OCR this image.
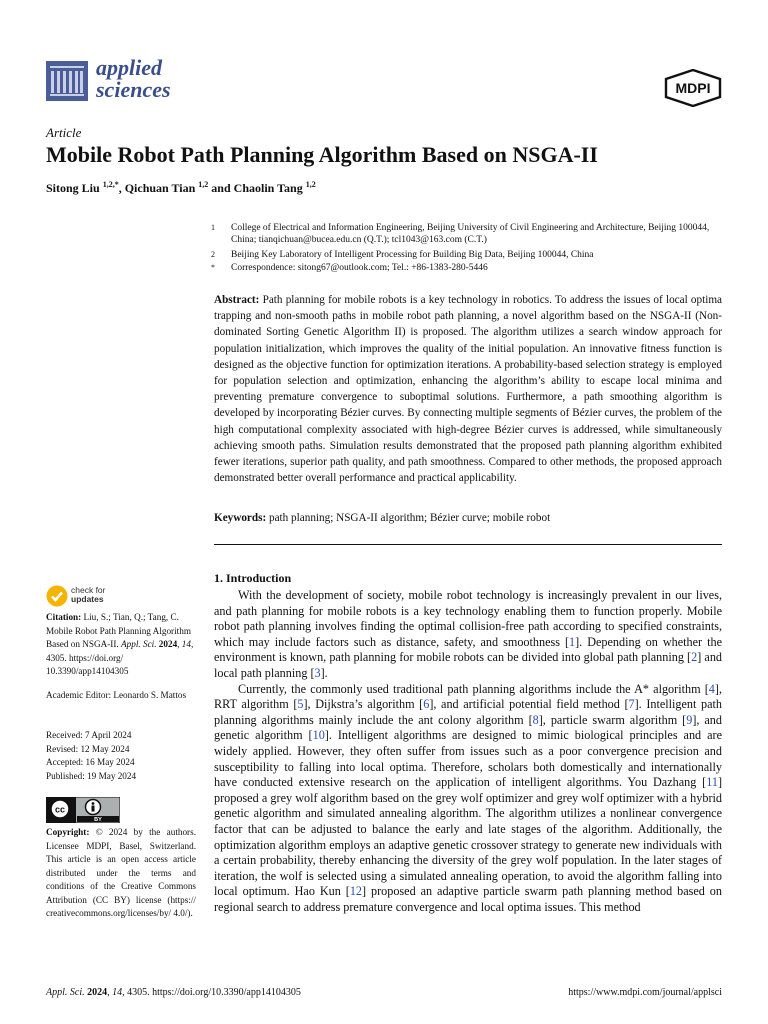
applied
sciences	MDPI
Article
Mobile Robot Path Planning Algorithm Based on NSGA-II
Sitong Liu $^{1,2,*}$, Qichuan Tian $^{1,2}$ and Chaolin Tang $^{1,2}$
1 College of Electrical and Information Engineering, Beijing University of Civil Engineering and Architecture, Beijing 100044, China; tianqichuan@bucea.edu.cn (Q.T.); tcl1043@163.com (C.T.)
2 Beijing Key Laboratory of Intelligent Processing for Building Big Data, Beijing 100044, China
* Correspondence: sitong67@outlook.com; Tel.: +86-1383-280-5446
Abstract: Path planning for mobile robots is a key technology in robotics. To address the issues of local optima trapping and non-smooth paths in mobile robot path planning, a novel algorithm based on the NSGA-II (Non-dominated Sorting Genetic Algorithm II) is proposed. The algorithm utilizes a search window approach for population initialization, which improves the quality of the initial population. An innovative fitness function is designed as the objective function for optimization iterations. A probability-based selection strategy is employed for population selection and optimization, enhancing the algorithm’s ability to escape local minima and preventing premature convergence to suboptimal solutions. Furthermore, a path smoothing algorithm is developed by incorporating Bézier curves. By connecting multiple segments of Bézier curves, the problem of the high computational complexity associated with high-degree Bézier curves is addressed, while simultaneously achieving smooth paths. Simulation results demonstrated that the proposed path planning algorithm exhibited fewer iterations, superior path quality, and path smoothness. Compared to other methods, the proposed approach demonstrated better overall performance and practical applicability.
Keywords: path planning; NSGA-II algorithm; Bézier curve; mobile robot
check for
updates
Citation: Liu, S.; Tian, Q.; Tang, C. Mobile Robot Path Planning Algorithm Based on NSGA-II. Appl. Sci. 2024, 14, 4305. https://doi.org/ 10.3390/app14104305
Academic Editor: Leonardo S. Mattos
Received: 7 April 2024
Revised: 12 May 2024
Accepted: 16 May 2024
Published: 19 May 2024
cc
BY
Copyright: © 2024 by the authors. Licensee MDPI, Basel, Switzerland. This article is an open access article distributed under the terms and conditions of the Creative Commons Attribution (CC BY) license (https:// creativecommons.org/licenses/by/ 4.0/).
1. Introduction

With the development of society, mobile robot technology is increasingly prevalent in our lives, and path planning for mobile robots is a key technology enabling them to function properly. Mobile robot path planning involves finding the optimal collision-free path according to specified constraints, which may include factors such as distance, safety, and smoothness [1]. Depending on whether the environment is known, path planning for mobile robots can be divided into global path planning [2] and local path planning [3].

Currently, the commonly used traditional path planning algorithms include the A* algorithm [4], RRT algorithm [5], Dijkstra’s algorithm [6], and artificial potential field method [7]. Intelligent path planning algorithms mainly include the ant colony algorithm [8], particle swarm algorithm [9], and genetic algorithm [10]. Intelligent algorithms are designed to mimic biological principles and are widely applied. However, they often suffer from issues such as a poor convergence precision and susceptibility to falling into local optima. Therefore, scholars both domestically and internationally have conducted extensive research on the application of intelligent algorithms. You Dazhang [11] proposed a grey wolf algorithm based on the grey wolf optimizer and grey wolf optimizer with a hybrid genetic algorithm and simulated annealing algorithm. The algorithm utilizes a nonlinear convergence factor that can be adjusted to balance the early and late stages of the algorithm. Additionally, the optimization algorithm employs an adaptive genetic crossover strategy to generate new individuals with a certain probability, thereby enhancing the diversity of the grey wolf population. In the later stages of iteration, the wolf is selected using a simulated annealing operation, to avoid the algorithm falling into local optimum. Hao Kun [12] proposed an adaptive particle swarm path planning method based on regional search to address premature convergence and local optima issues. This method

Appl. Sci. 2024, 14, 4305. https://doi.org/10.3390/app14104305	https://www.mdpi.com/journal/applsci
